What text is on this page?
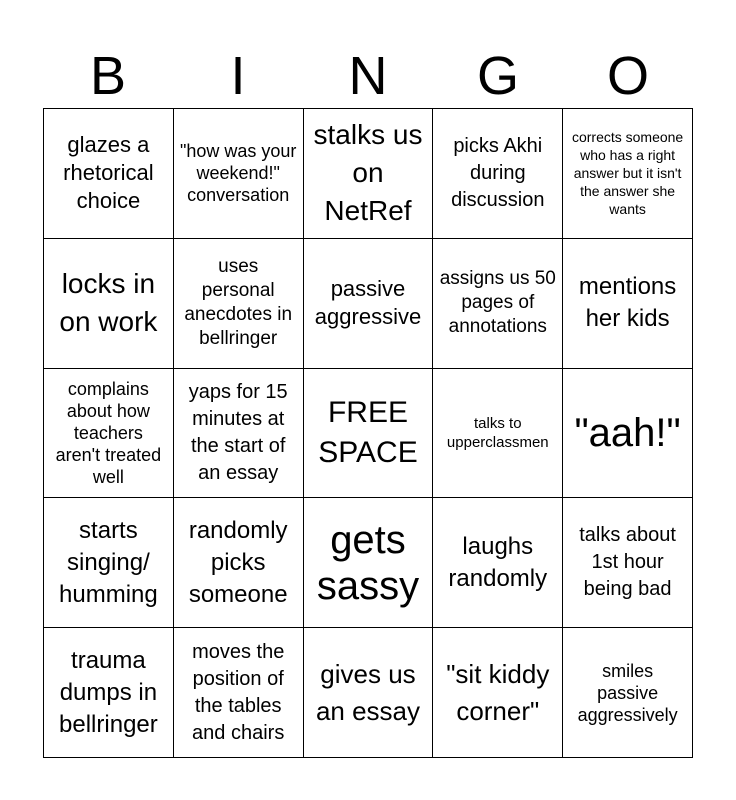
B	I	N	G	O
glazes a rhetorical choice	"how was your weekend!" conversation	stalks us on NetRef	picks Akhi during discussion	corrects someone who has a right answer but it isn't the answer she wants
locks in on work	uses personal anecdotes in bellringer	passive aggressive	assigns us 50 pages of annotations	mentions her kids
complains about how teachers aren't treated well	yaps for 15 minutes at the start of an essay	FREE SPACE	talks to upperclassmen	"aah!"
starts singing/ humming	randomly picks someone	gets sassy	laughs randomly	talks about 1st hour being bad
trauma dumps in bellringer	moves the position of the tables and chairs	gives us an essay	"sit kiddy corner"	smiles passive aggressively
